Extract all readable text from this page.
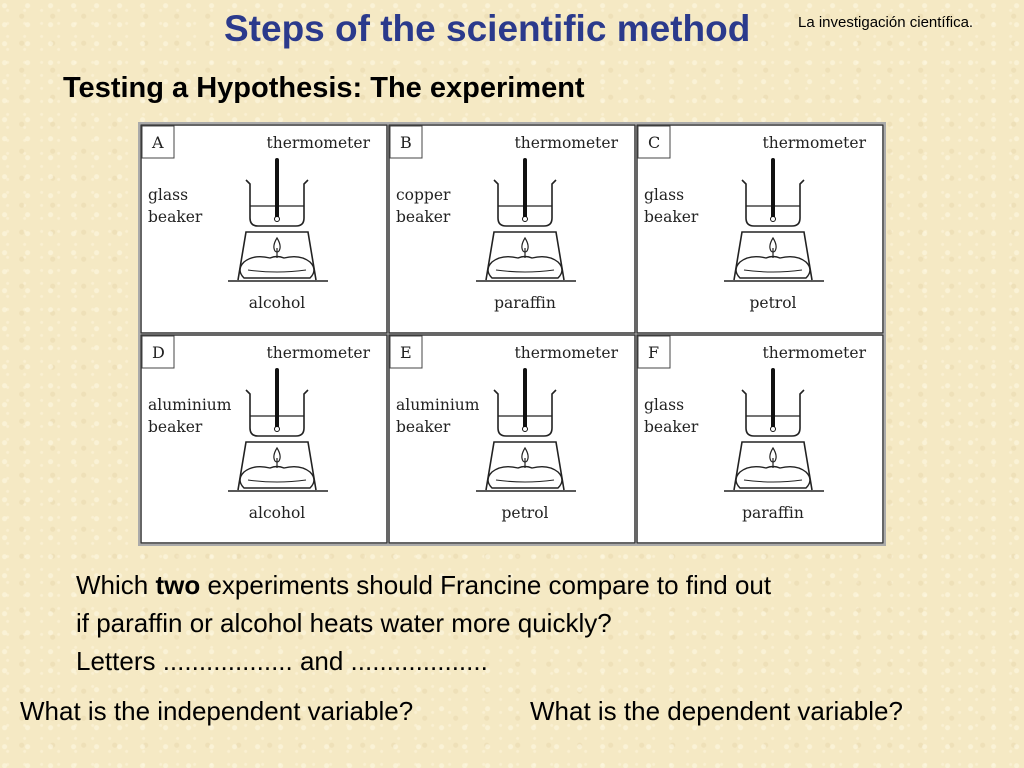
Steps of the scientific method	La investigación científica.
Testing a Hypothesis: The experiment
A	thermometer
glass
beaker
alcohol
B	thermometer
copper
beaker
paraffin
C	thermometer
glass
beaker
petrol
D	thermometer
aluminium
beaker
alcohol
E	thermometer
aluminium
beaker
petrol
F	thermometer
glass
beaker
paraffin
Which two experiments should Francine compare to find out
if paraffin or alcohol heats water more quickly?
Letters .................. and ...................
What is the independent variable?	What is the dependent variable?
